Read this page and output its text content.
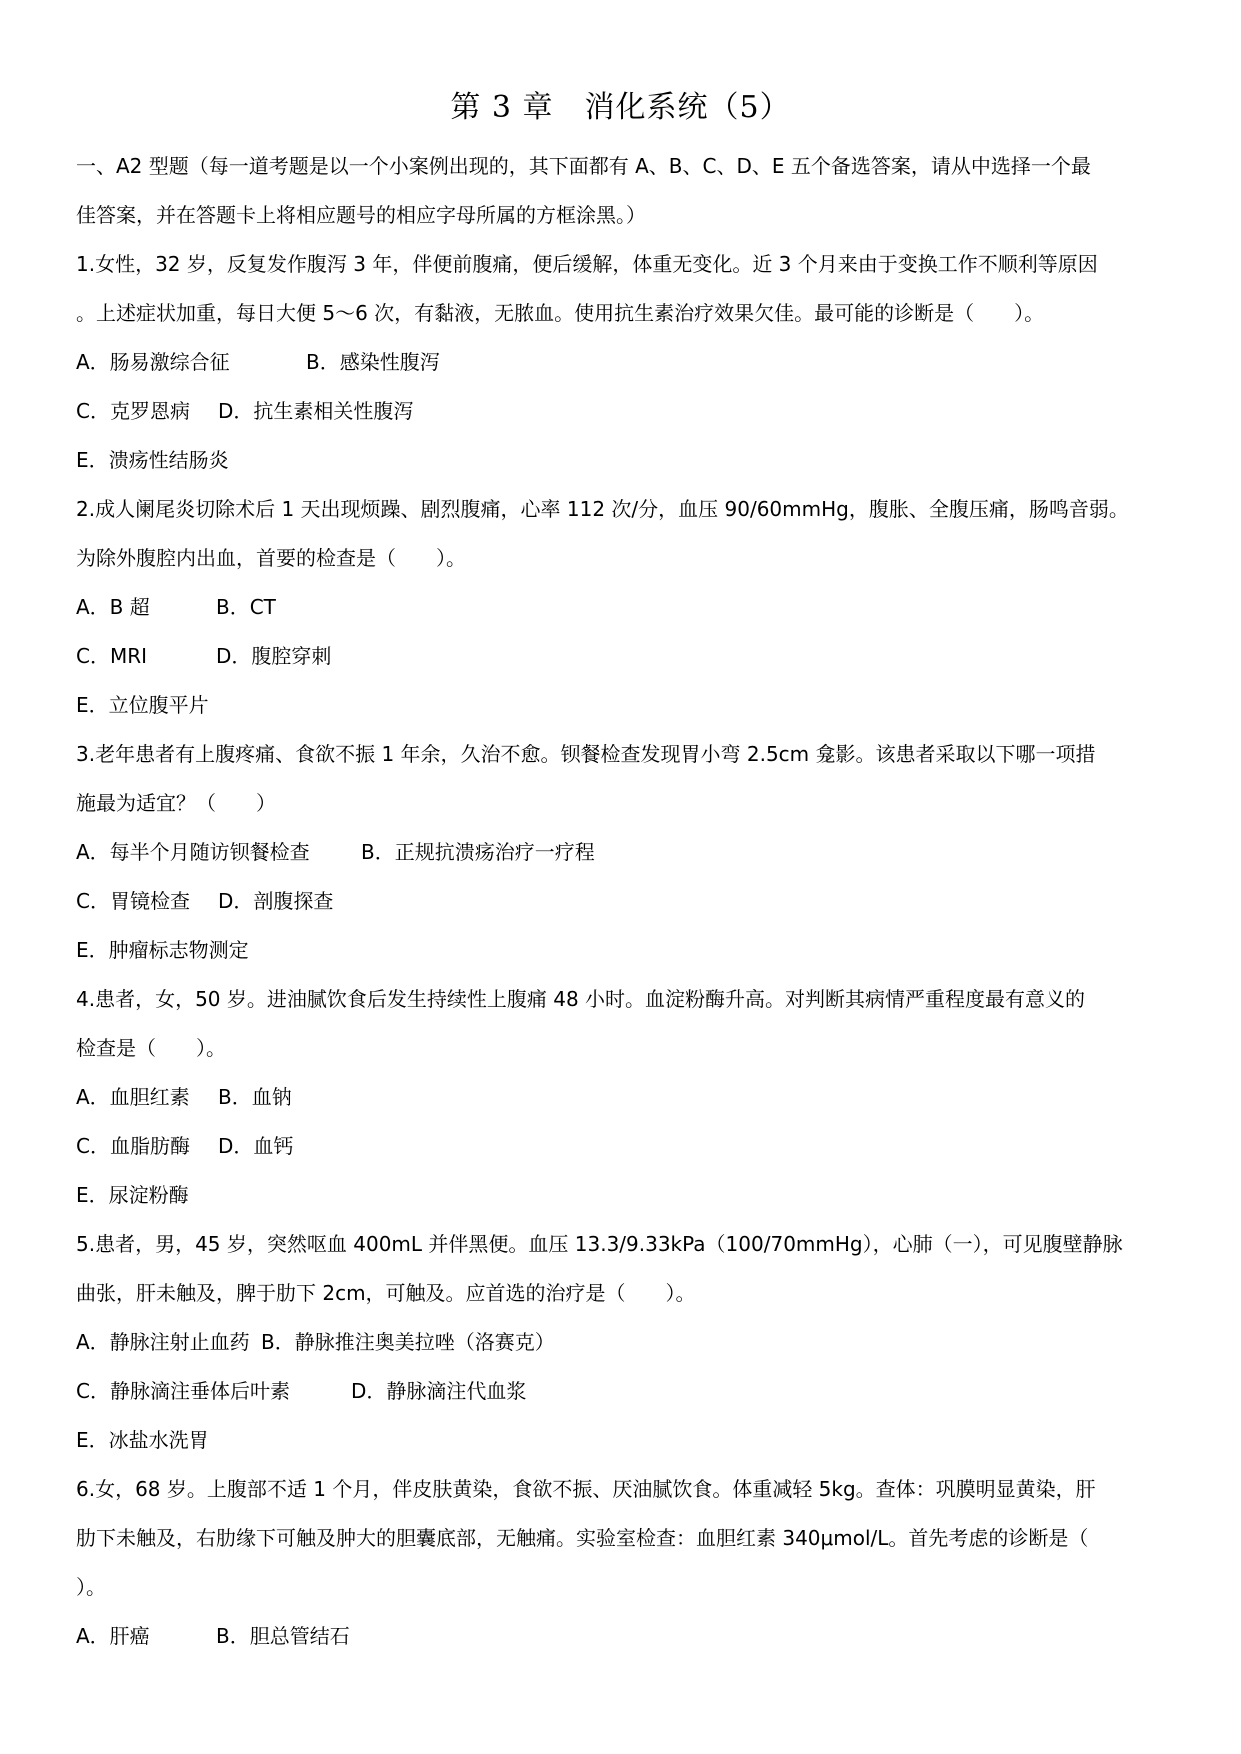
第 3 章　消化系统（5）
一、A2 型题（每一道考题是以一个小案例出现的，其下面都有 A、B、C、D、E 五个备选答案，请从中选择一个最
佳答案，并在答题卡上将相应题号的相应字母所属的方框涂黑。）
1.女性，32 岁，反复发作腹泻 3 年，伴便前腹痛，便后缓解，体重无变化。近 3 个月来由于变换工作不顺利等原因
。上述症状加重，每日大便 5～6 次，有黏液，无脓血。使用抗生素治疗效果欠佳。最可能的诊断是（　　）。
A．肠易激综合征	B．感染性腹泻
C．克罗恩病 D．抗生素相关性腹泻
E．溃疡性结肠炎
2.成人阑尾炎切除术后 1 天出现烦躁、剧烈腹痛，心率 112 次/分，血压 90/60mmHg，腹胀、全腹压痛，肠鸣音弱。
为除外腹腔内出血，首要的检查是（　　）。
A．B 超	B．CT
C．MRI	D．腹腔穿刺
E．立位腹平片
3.老年患者有上腹疼痛、食欲不振 1 年余，久治不愈。钡餐检查发现胃小弯 2.5cm 龛影。该患者采取以下哪一项措
施最为适宜？（　　）
A．每半个月随访钡餐检查	B．正规抗溃疡治疗一疗程
C．胃镜检查 D．剖腹探查
E．肿瘤标志物测定
4.患者，女，50 岁。进油腻饮食后发生持续性上腹痛 48 小时。血淀粉酶升高。对判断其病情严重程度最有意义的
检查是（　　）。
A．血胆红素 B．血钠
C．血脂肪酶 D．血钙
E．尿淀粉酶
5.患者，男，45 岁，突然呕血 400mL 并伴黑便。血压 13.3/9.33kPa（100/70mmHg），心肺（一），可见腹壁静脉
曲张，肝未触及，脾于肋下 2cm，可触及。应首选的治疗是（　　）。
A．静脉注射止血药 B．静脉推注奥美拉唑（洛赛克）
C．静脉滴注垂体后叶素	D．静脉滴注代血浆
E．冰盐水洗胃
6.女，68 岁。上腹部不适 1 个月，伴皮肤黄染，食欲不振、厌油腻饮食。体重减轻 5kg。查体：巩膜明显黄染，肝
肋下未触及，右肋缘下可触及肿大的胆囊底部，无触痛。实验室检查：血胆红素 340μmol/L。首先考虑的诊断是（
）。
A．肝癌	B．胆总管结石
